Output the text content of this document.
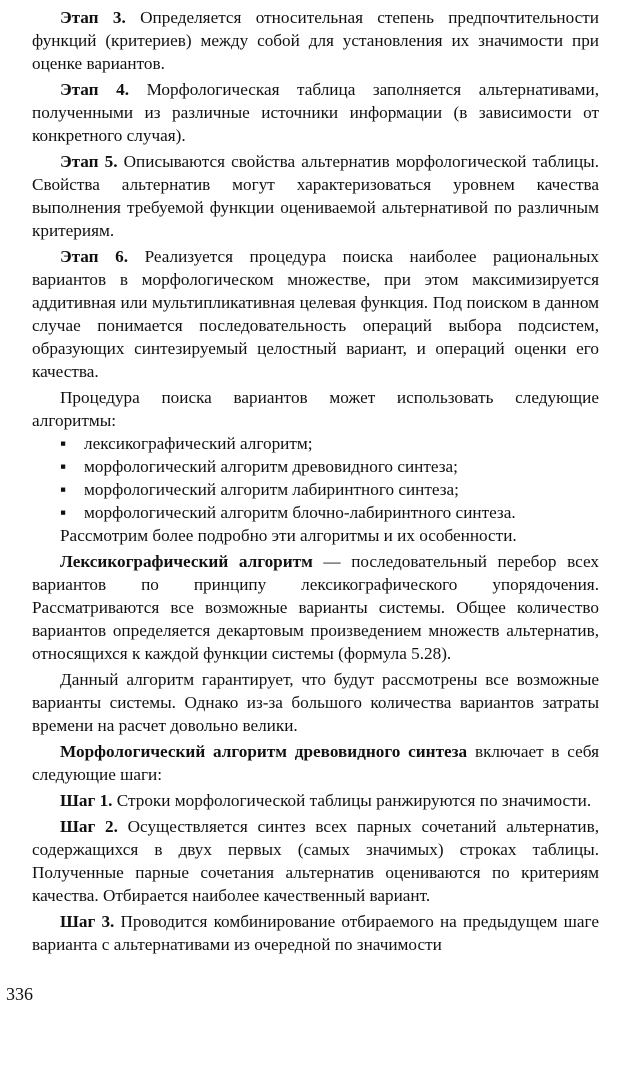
Этап 3. Определяется относительная степень предпочтительности функций (критериев) между собой для установления их значимости при оценке вариантов.

Этап 4. Морфологическая таблица заполняется альтернативами, полученными из различные источники информации (в зависимости от конкретного случая).

Этап 5. Описываются свойства альтернатив морфологической таблицы. Свойства альтернатив могут характеризоваться уровнем качества выполнения требуемой функции оцениваемой альтернативой по различным критериям.

Этап 6. Реализуется процедура поиска наиболее рациональных вариантов в морфологическом множестве, при этом максимизируется аддитивная или мультипликативная целевая функция. Под поиском в данном случае понимается последовательность операций выбора подсистем, образующих синтезируемый целостный вариант, и операций оценки его качества.

Процедура поиска вариантов может использовать следующие алгоритмы:

▪	лексикографический алгоритм;
▪	морфологический алгоритм древовидного синтеза;
▪	морфологический алгоритм лабиринтного синтеза;
▪	морфологический алгоритм блочно-лабиринтного синтеза.

Рассмотрим более подробно эти алгоритмы и их особенности.

Лексикографический алгоритм — последовательный перебор всех вариантов по принципу лексикографического упорядочения. Рассматриваются все возможные варианты системы. Общее количество вариантов определяется декартовым произведением множеств альтернатив, относящихся к каждой функции системы (формула 5.28).

Данный алгоритм гарантирует, что будут рассмотрены все возможные варианты системы. Однако из-за большого количества вариантов затраты времени на расчет довольно велики.

Морфологический алгоритм древовидного синтеза включает в себя следующие шаги:

Шаг 1. Строки морфологической таблицы ранжируются по значимости.

Шаг 2. Осуществляется синтез всех парных сочетаний альтернатив, содержащихся в двух первых (самых значимых) строках таблицы. Полученные парные сочетания альтернатив оцениваются по критериям качества. Отбирается наиболее качественный вариант.

Шаг 3. Проводится комбинирование отбираемого на предыдущем шаге варианта с альтернативами из очередной по значимости

336
